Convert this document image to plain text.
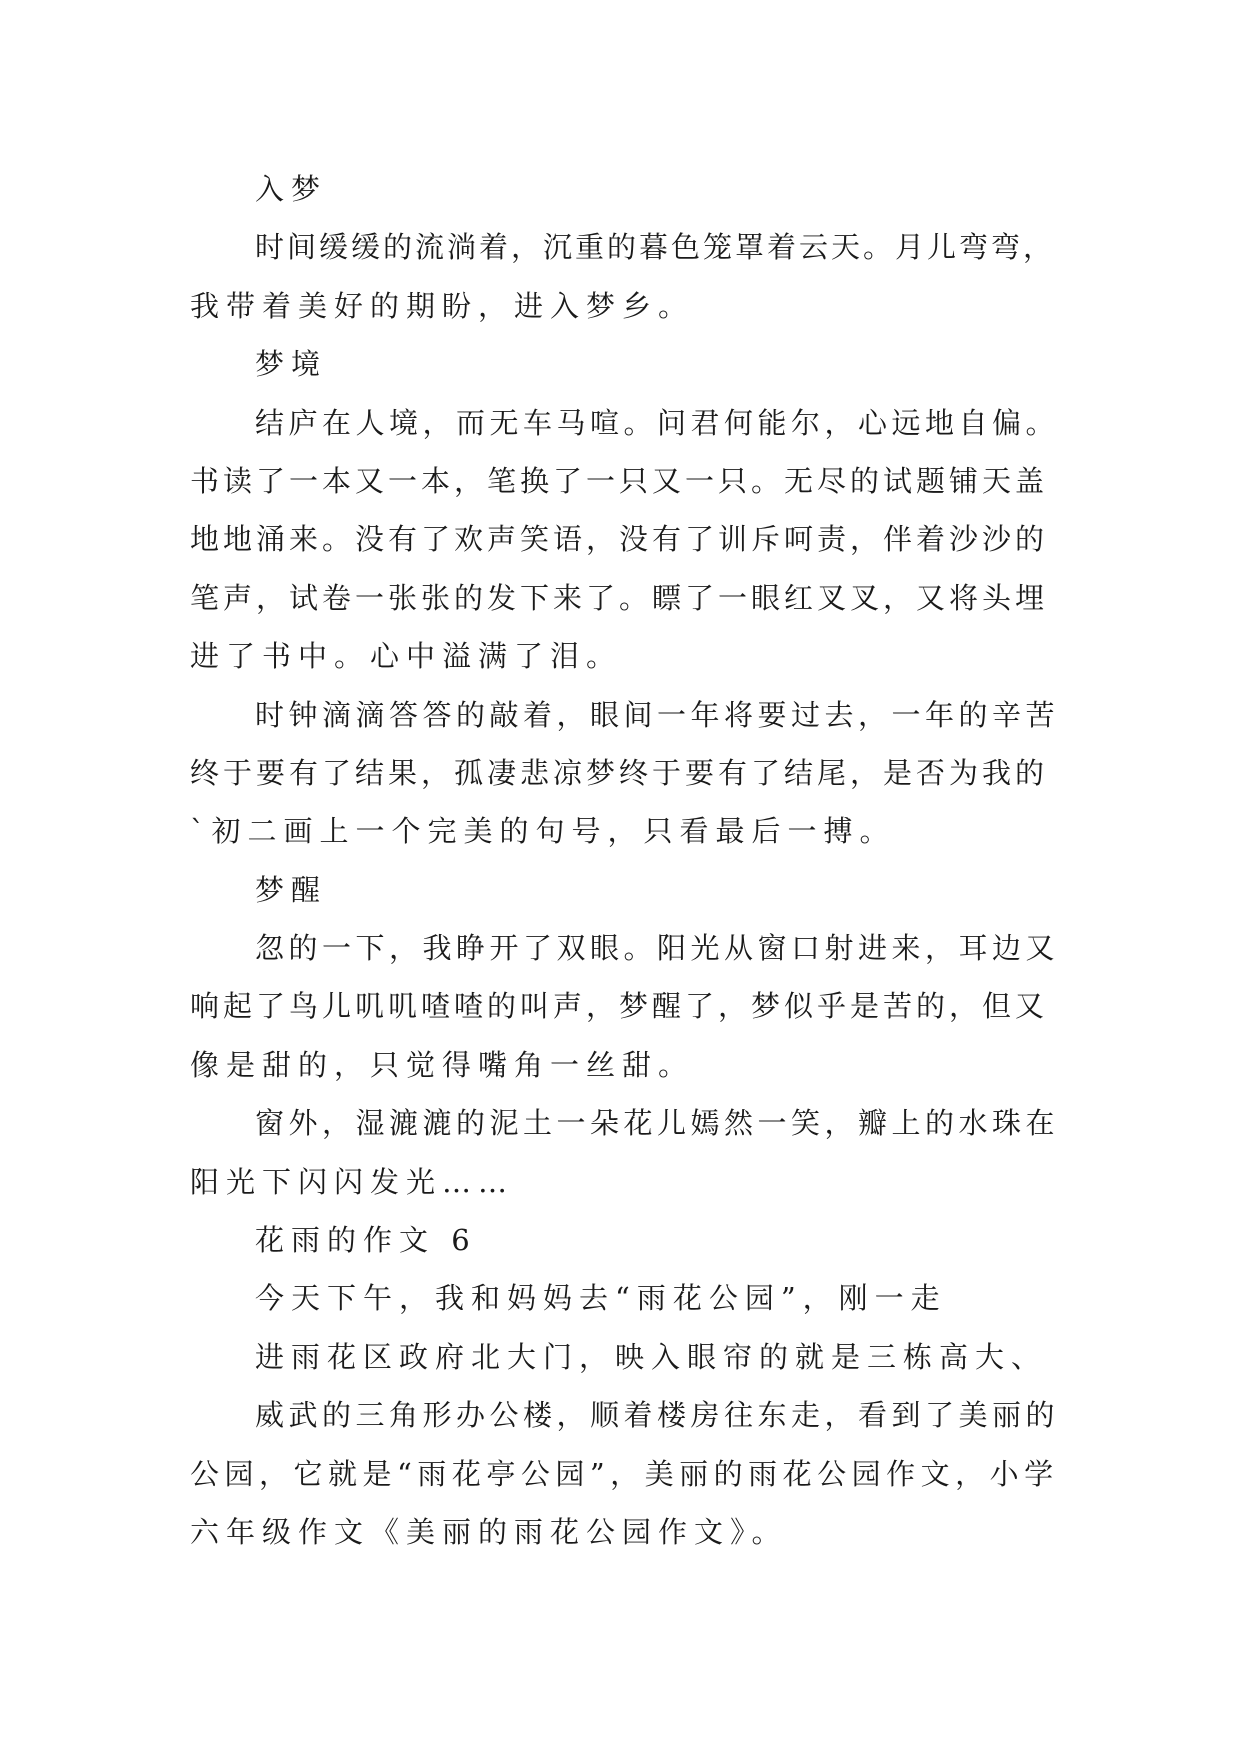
入梦
时间缓缓的流淌着，沉重的暮色笼罩着云天。月儿弯弯，
我带着美好的期盼，进入梦乡。
梦境
结庐在人境，而无车马喧。问君何能尔，心远地自偏。
书读了一本又一本，笔换了一只又一只。无尽的试题铺天盖
地地涌来。没有了欢声笑语，没有了训斥呵责，伴着沙沙的
笔声，试卷一张张的发下来了。瞟了一眼红叉叉，又将头埋
进了书中。心中溢满了泪。
时钟滴滴答答的敲着，眼间一年将要过去，一年的辛苦
终于要有了结果，孤凄悲凉梦终于要有了结尾，是否为我的
`初二画上一个完美的句号，只看最后一搏。
梦醒
忽的一下，我睁开了双眼。阳光从窗口射进来，耳边又
响起了鸟儿叽叽喳喳的叫声，梦醒了，梦似乎是苦的，但又
像是甜的，只觉得嘴角一丝甜。
窗外，湿漉漉的泥土一朵花儿嫣然一笑，瓣上的水珠在
阳光下闪闪发光……
花雨的作文 6
今天下午，我和妈妈去“雨花公园”，刚一走
进雨花区政府北大门，映入眼帘的就是三栋高大、
威武的三角形办公楼，顺着楼房往东走，看到了美丽的
公园，它就是“雨花亭公园”，美丽的雨花公园作文，小学
六年级作文《美丽的雨花公园作文》。
